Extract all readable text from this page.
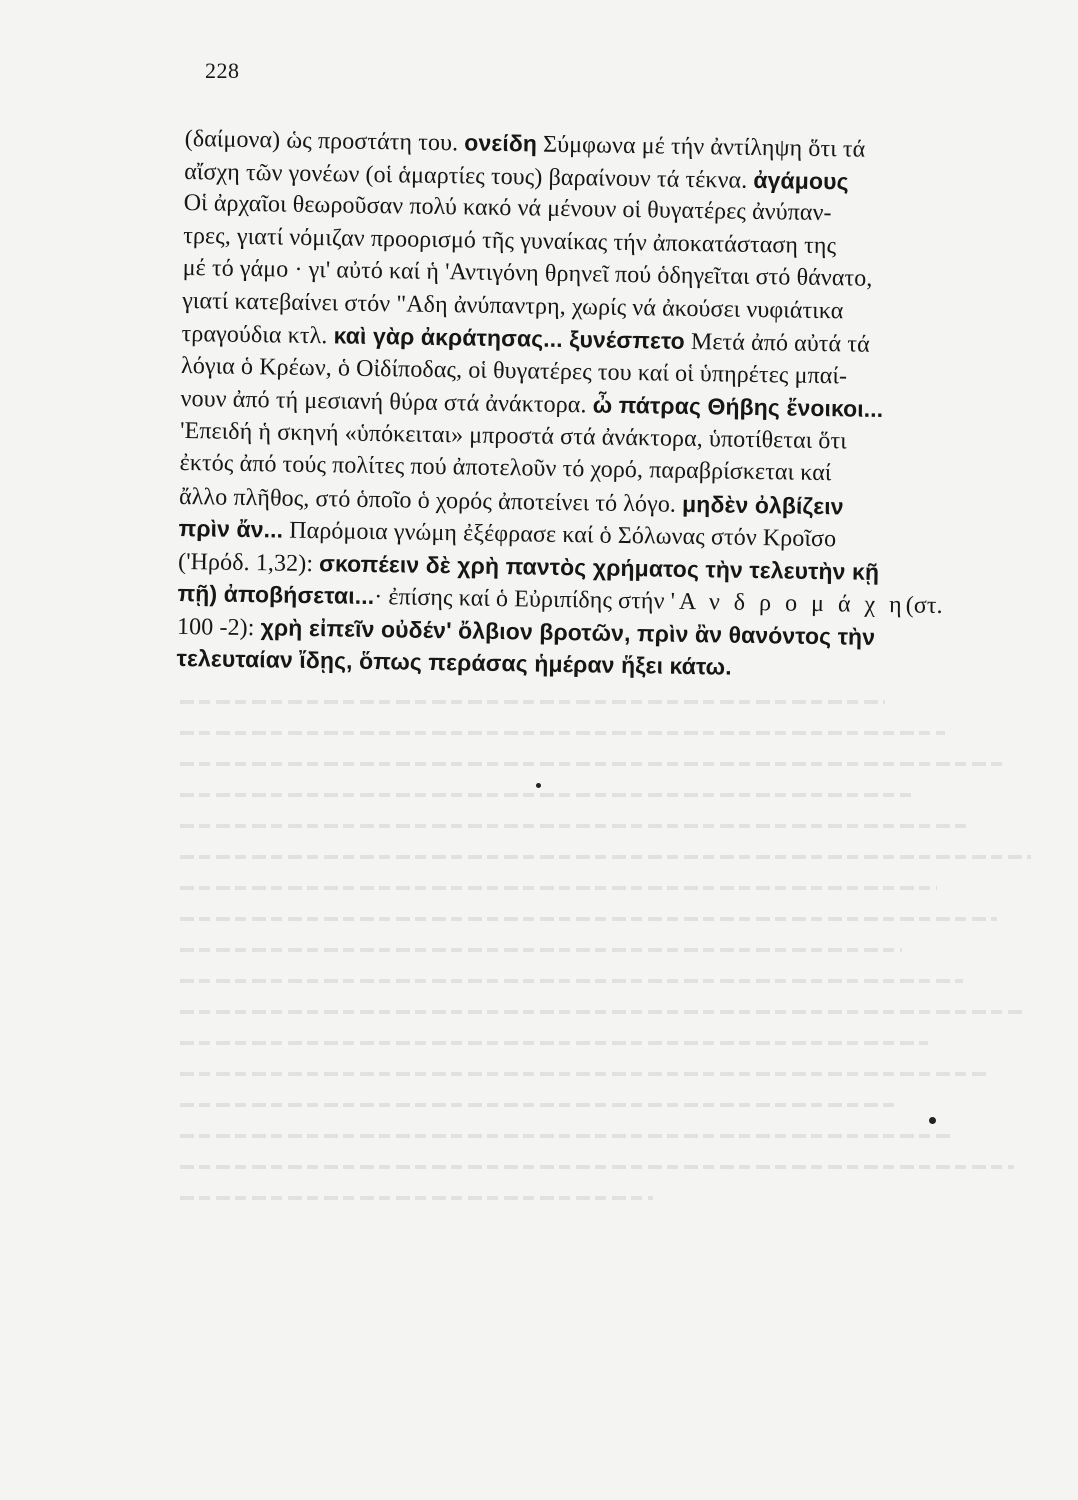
228
(δαίμονα) ὡς προστάτη του. ονείδη Σύμφωνα μέ τήν ἀντίληψη ὅτι τά
αἴσχη τῶν γονέων (οἱ ἁμαρτίες τους) βαραίνουν τά τέκνα. ἀγάμους
Οἱ ἀρχαῖοι θεωροῦσαν πολύ κακό νά μένουν οἱ θυγατέρες ἀνύπαν-
τρες, γιατί νόμιζαν προορισμό τῆς γυναίκας τήν ἀποκατάσταση της
μέ τό γάμο · γι' αὐτό καί ἡ 'Αντιγόνη θρηνεῖ πού ὁδηγεῖται στό θάνατο,
γιατί κατεβαίνει στόν "Αδη ἀνύπαντρη, χωρίς νά ἀκούσει νυφιάτικα
τραγούδια κτλ. καὶ γὰρ ἀκράτησας... ξυνέσπετο Μετά ἀπό αὐτά τά
λόγια ὁ Κρέων, ὁ Οἰδίποδας, οἱ θυγατέρες του καί οἱ ὑπηρέτες μπαί-
νουν ἀπό τή μεσιανή θύρα στά ἀνάκτορα. ὦ πάτρας Θήβης ἔνοικοι...
'Επειδή ἡ σκηνή «ὑπόκειται» μπροστά στά ἀνάκτορα, ὑποτίθεται ὅτι
ἐκτός ἀπό τούς πολίτες πού ἀποτελοῦν τό χορό, παραβρίσκεται καί
ἄλλο πλῆθος, στό ὁποῖο ὁ χορός ἀποτείνει τό λόγο. μηδὲν ὀλβίζειν
πρὶν ἄν... Παρόμοια γνώμη ἐξέφρασε καί ὁ Σόλωνας στόν Κροῖσο
('Ηρόδ. 1,32): σκοπέειν δὲ χρὴ παντὸς χρήματος τὴν τελευτὴν κῇ
πῇ) ἀποβήσεται...· ἐπίσης καί ὁ Εὐριπίδης στήν 'Α ν δ ρ ο μ ά χ η(στ.
100 -2): χρὴ εἰπεῖν οὐδέν' ὄλβιον βροτῶν, πρὶν ἂν θανόντος τὴν
τελευταίαν ἴδῃς, ὅπως περάσας ἡμέραν ἥξει κάτω.
